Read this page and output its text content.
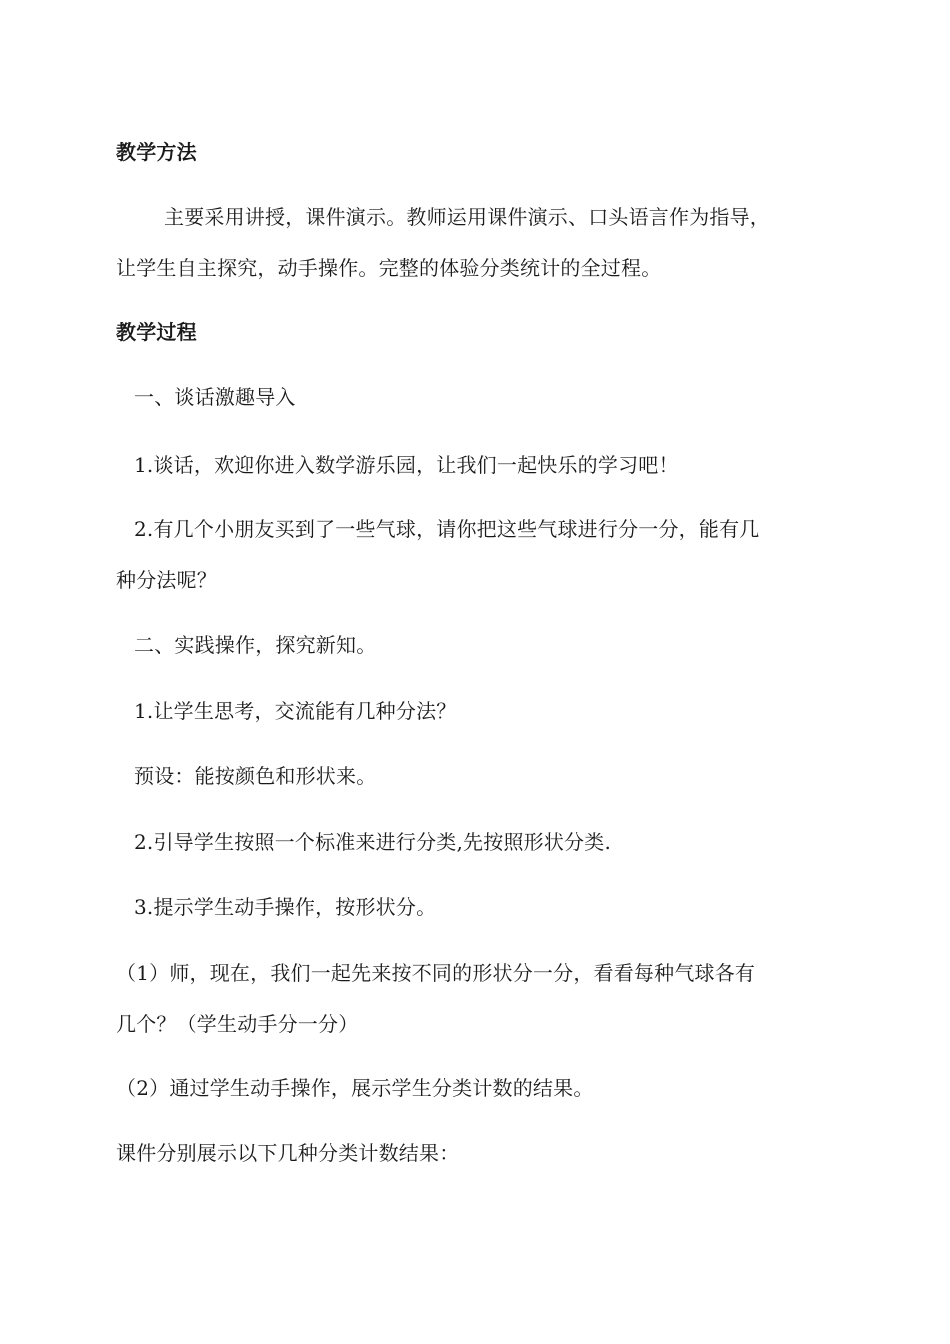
教学方法
主要采用讲授，课件演示。教师运用课件演示、口头语言作为指导，
让学生自主探究，动手操作。完整的体验分类统计的全过程。
教学过程
一、谈话激趣导入
1.谈话，欢迎你进入数学游乐园，让我们一起快乐的学习吧！
2.有几个小朋友买到了一些气球，请你把这些气球进行分一分，能有几
种分法呢？
二、实践操作，探究新知。
1.让学生思考，交流能有几种分法？
预设：能按颜色和形状来。
2.引导学生按照一个标准来进行分类,先按照形状分类.
3.提示学生动手操作，按形状分。
（1）师，现在，我们一起先来按不同的形状分一分，看看每种气球各有
几个？（学生动手分一分）
（2）通过学生动手操作，展示学生分类计数的结果。
课件分别展示以下几种分类计数结果：
